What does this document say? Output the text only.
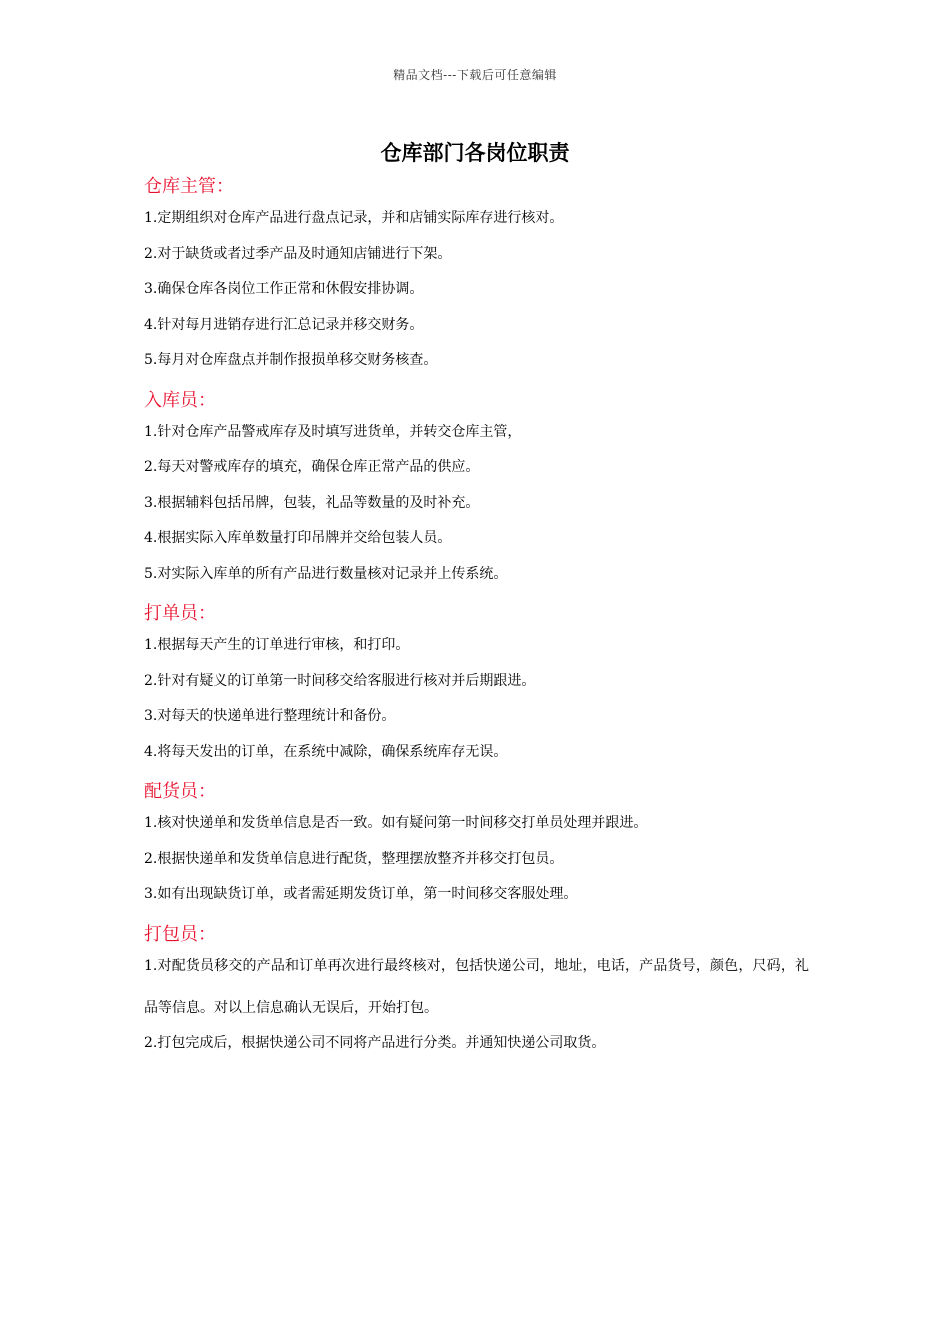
精品文档---下载后可任意编辑
仓库部门各岗位职责
仓库主管：
1.定期组织对仓库产品进行盘点记录，并和店铺实际库存进行核对。
2.对于缺货或者过季产品及时通知店铺进行下架。
3.确保仓库各岗位工作正常和休假安排协调。
4.针对每月进销存进行汇总记录并移交财务。
5.每月对仓库盘点并制作报损单移交财务核查。
入库员：
1.针对仓库产品警戒库存及时填写进货单，并转交仓库主管，
2.每天对警戒库存的填充，确保仓库正常产品的供应。
3.根据辅料包括吊牌，包装，礼品等数量的及时补充。
4.根据实际入库单数量打印吊牌并交给包装人员。
5.对实际入库单的所有产品进行数量核对记录并上传系统。
打单员：
1.根据每天产生的订单进行审核，和打印。
2.针对有疑义的订单第一时间移交给客服进行核对并后期跟进。
3.对每天的快递单进行整理统计和备份。
4.将每天发出的订单，在系统中减除，确保系统库存无误。
配货员：
1.核对快递单和发货单信息是否一致。如有疑问第一时间移交打单员处理并跟进。
2.根据快递单和发货单信息进行配货，整理摆放整齐并移交打包员。
3.如有出现缺货订单，或者需延期发货订单，第一时间移交客服处理。
打包员：
1.对配货员移交的产品和订单再次进行最终核对，包括快递公司，地址，电话，产品货号，颜色，尺码，礼品等信息。对以上信息确认无误后，开始打包。
2.打包完成后，根据快递公司不同将产品进行分类。并通知快递公司取货。
